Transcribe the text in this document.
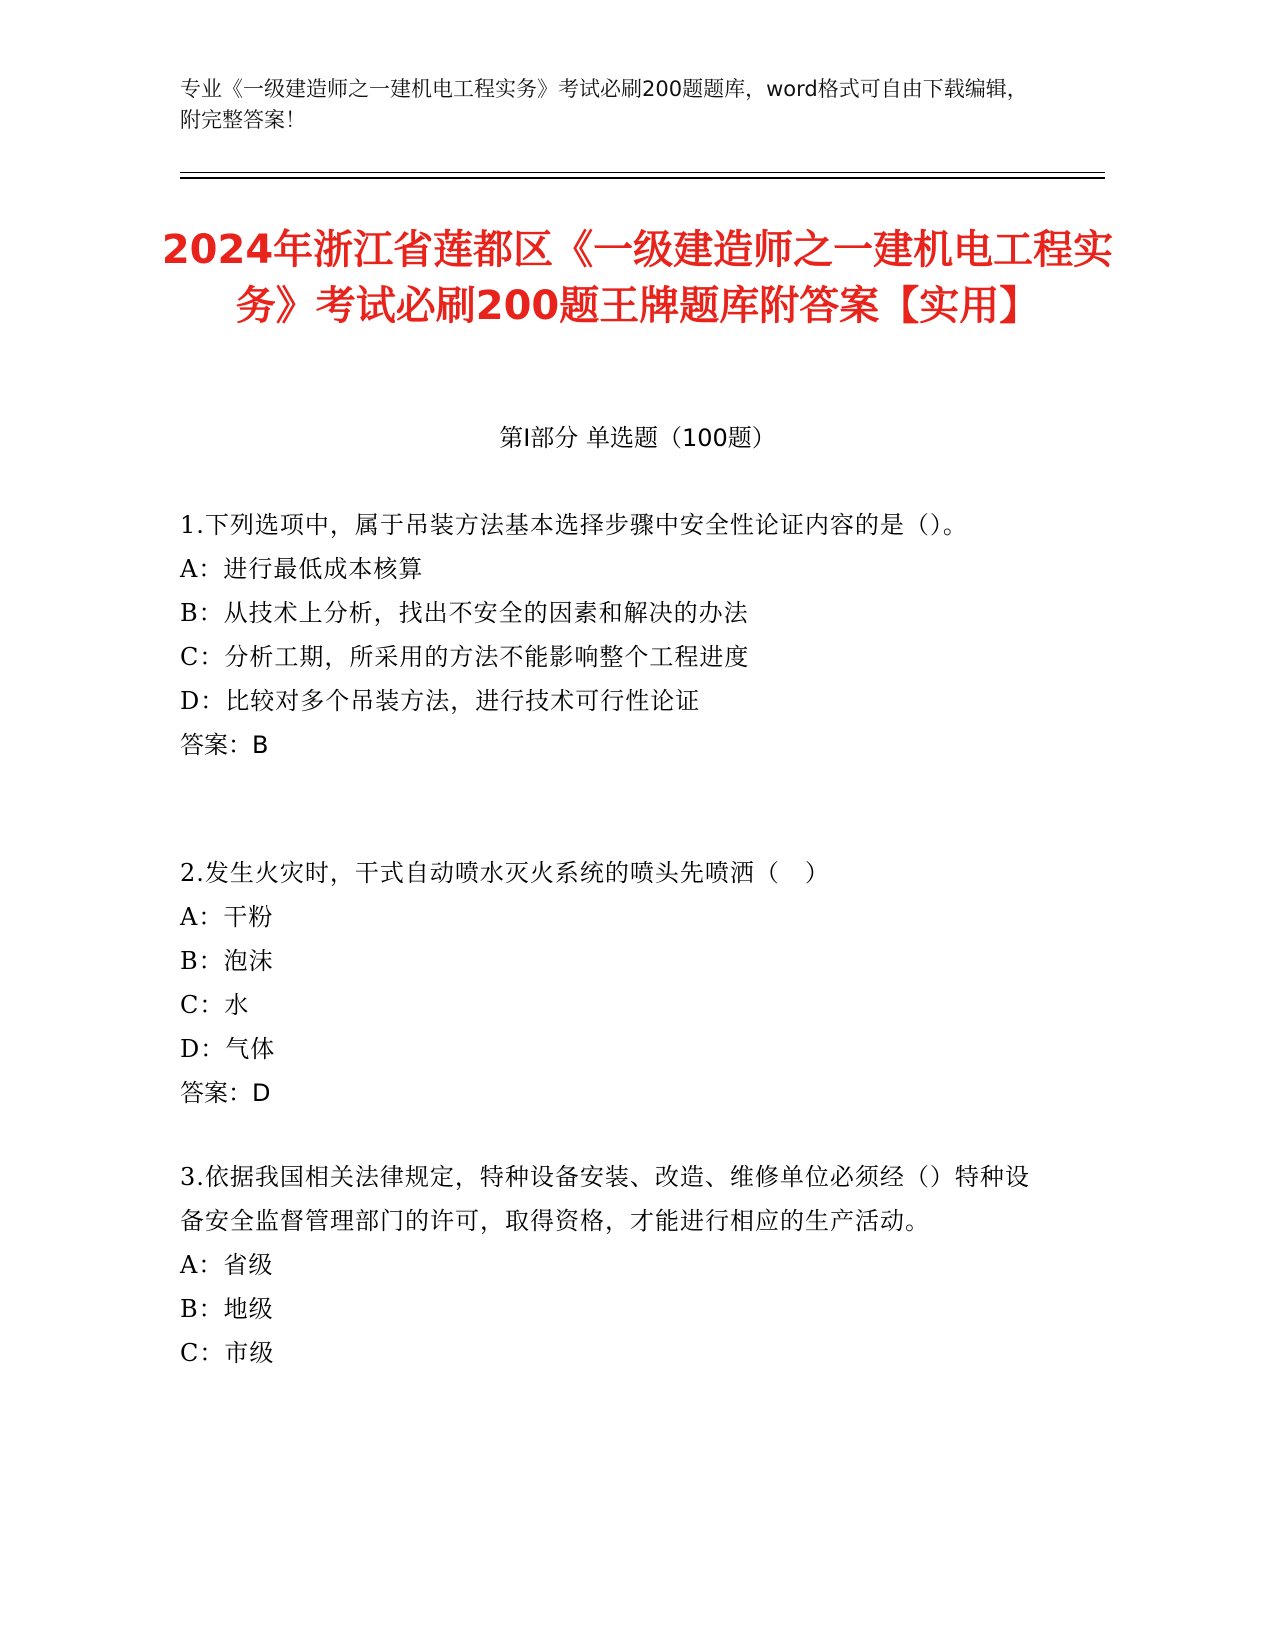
专业《一级建造师之一建机电工程实务》考试必刷200题题库，word格式可自由下载编辑，附完整答案！
2024年浙江省莲都区《一级建造师之一建机电工程实务》考试必刷200题王牌题库附答案【实用】
第I部分 单选题（100题）
1.下列选项中，属于吊装方法基本选择步骤中安全性论证内容的是（）。
A：进行最低成本核算
B：从技术上分析，找出不安全的因素和解决的办法
C：分析工期，所采用的方法不能影响整个工程进度
D：比较对多个吊装方法，进行技术可行性论证
答案：B
2.发生火灾时，干式自动喷水灭火系统的喷头先喷洒（　）
A：干粉
B：泡沫
C：水
D：气体
答案：D
3.依据我国相关法律规定，特种设备安装、改造、维修单位必须经（）特种设备安全监督管理部门的许可，取得资格，才能进行相应的生产活动。
A：省级
B：地级
C：市级
